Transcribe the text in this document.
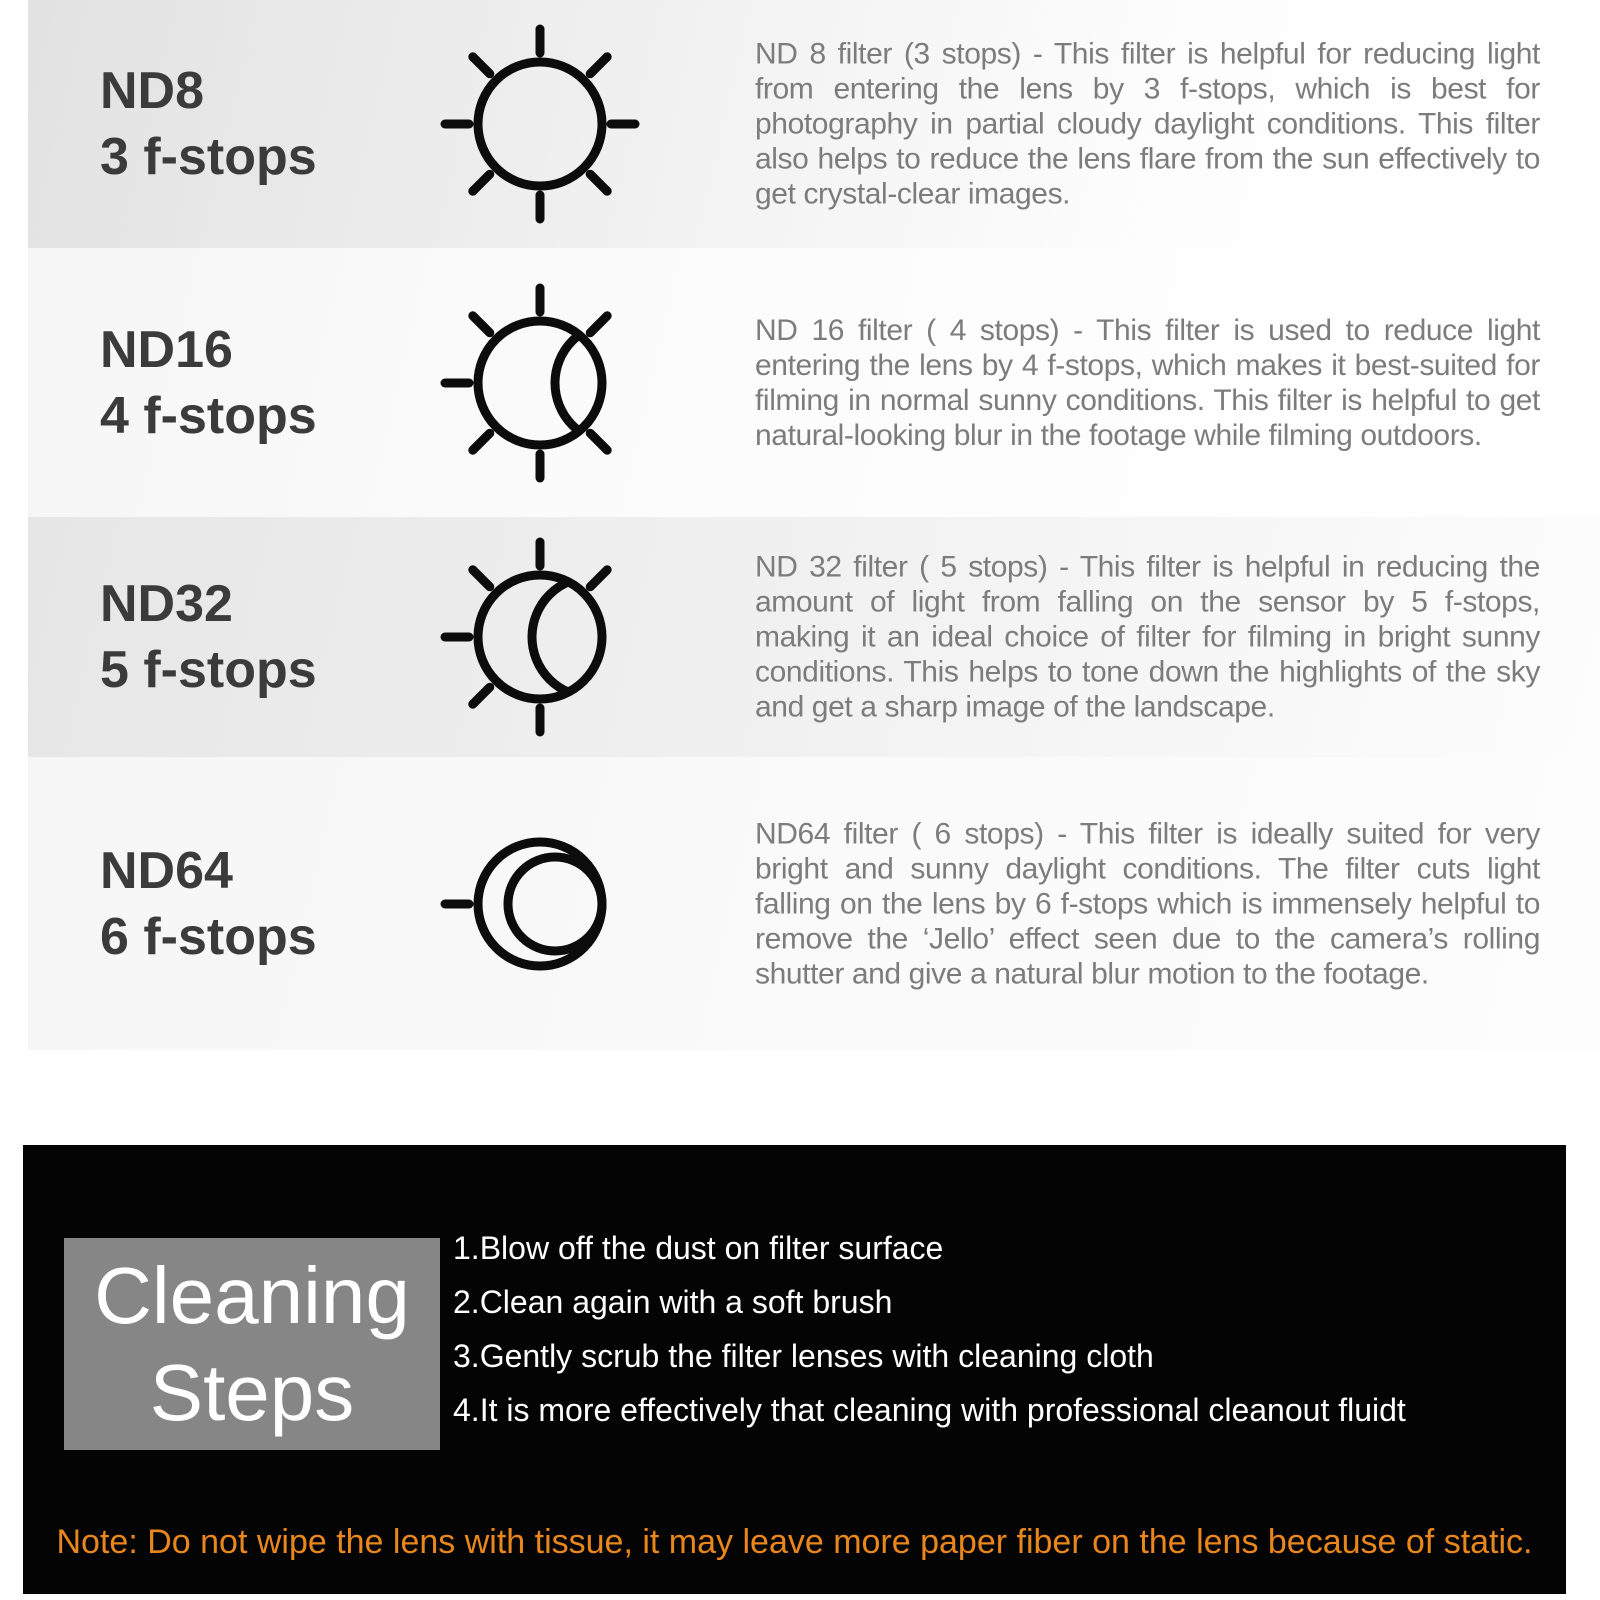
ND8
3 f-stops
ND 8 filter (3 stops) - This filter is helpful for reducing light from entering the lens by 3 f-stops, which is best for photography in partial cloudy daylight conditions. This filter also helps to reduce the lens flare from the sun effectively to get crystal-clear images.
ND16
4 f-stops
ND 16 filter ( 4 stops) - This filter is used to reduce light entering the lens by 4 f-stops, which makes it best-suited for filming in normal sunny conditions. This filter is helpful to get natural-looking blur in the footage while filming outdoors.
ND32
5 f-stops
ND 32 filter ( 5 stops) - This filter is helpful in reducing the amount of light from falling on the sensor by 5 f-stops, making it an ideal choice of filter for filming in bright sunny conditions. This helps to tone down the highlights of the sky and get a sharp image of the landscape.
ND64
6 f-stops
ND64 filter ( 6 stops) - This filter is ideally suited for very bright and sunny daylight conditions. The filter cuts light falling on the lens by 6 f-stops which is immensely helpful to remove the ‘Jello’ effect seen due to the camera’s rolling shutter and give a natural blur motion to the footage.
Cleaning
Steps
1.Blow off the dust on filter surface
2.Clean again with a soft brush
3.Gently scrub the filter lenses with cleaning cloth
4.It is more effectively that cleaning with professional cleanout fluidt
Note: Do not wipe the lens with tissue, it may leave more paper fiber on the lens because of static.
